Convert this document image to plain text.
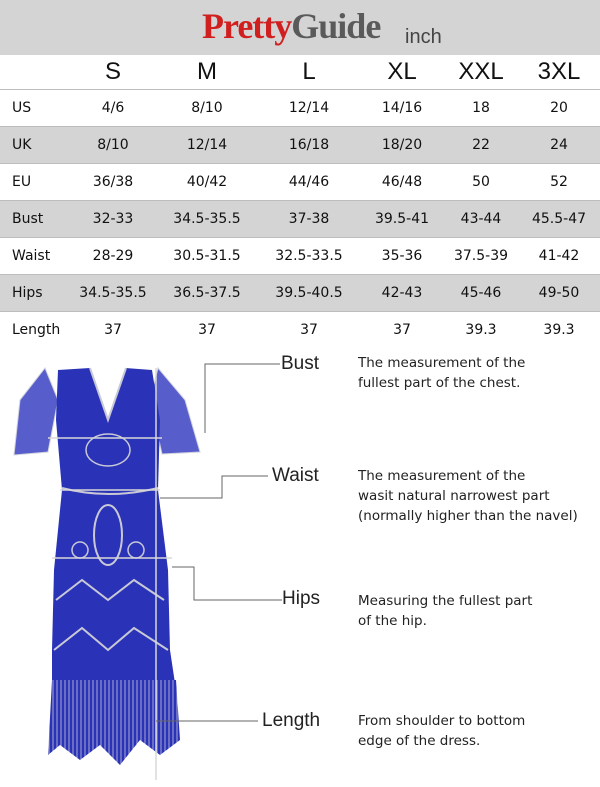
PrettyGuide inch
	S	M	L	XL	XXL	3XL
US	4/6	8/10	12/14	14/16	18	20
UK	8/10	12/14	16/18	18/20	22	24
EU	36/38	40/42	44/46	46/48	50	52
Bust	32-33	34.5-35.5	37-38	39.5-41	43-44	45.5-47
Waist	28-29	30.5-31.5	32.5-33.5	35-36	37.5-39	41-42
Hips	34.5-35.5	36.5-37.5	39.5-40.5	42-43	45-46	49-50
Length	37	37	37	37	39.3	39.3
Bust	The measurement of the
fullest part of the chest.
Waist	The measurement of the
wasit natural narrowest part
(normally higher than the navel)
Hips	Measuring the fullest part
of the hip.
Length	From shoulder to bottom
edge of the dress.
